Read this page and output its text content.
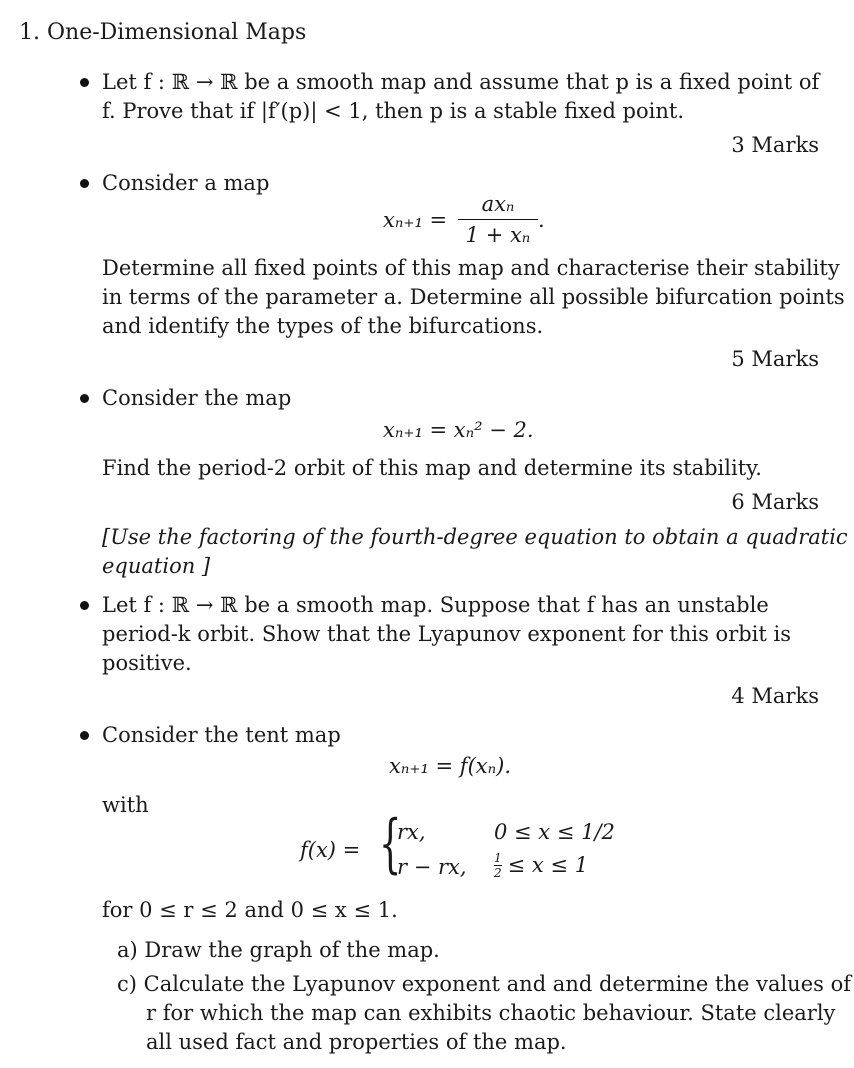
1. One-Dimensional Maps
Let f : ℝ → ℝ be a smooth map and assume that p is a fixed point of
f. Prove that if |f′(p)| < 1, then p is a stable fixed point.
3 Marks
Consider a map
xₙ₊₁ =
axₙ
1 + xₙ
.
Determine all fixed points of this map and characterise their stability
in terms of the parameter a. Determine all possible bifurcation points
and identify the types of the bifurcations.
5 Marks
Consider the map
xₙ₊₁ = xₙ² − 2.
Find the period-2 orbit of this map and determine its stability.
6 Marks
[Use the factoring of the fourth-degree equation to obtain a quadratic
equation ]
Let f : ℝ → ℝ be a smooth map. Suppose that f has an unstable
period-k orbit. Show that the Lyapunov exponent for this orbit is
positive.
4 Marks
Consider the tent map
xₙ₊₁ = f(xₙ).
with
f(x) = {
rx,	0 ≤ x ≤ 1/2
r − rx, $\frac{1}{2} \le x \le 1$
for 0 ≤ r ≤ 2 and 0 ≤ x ≤ 1.
a) Draw the graph of the map.
c) Calculate the Lyapunov exponent and and determine the values of
r for which the map can exhibits chaotic behaviour. State clearly
all used fact and properties of the map.
